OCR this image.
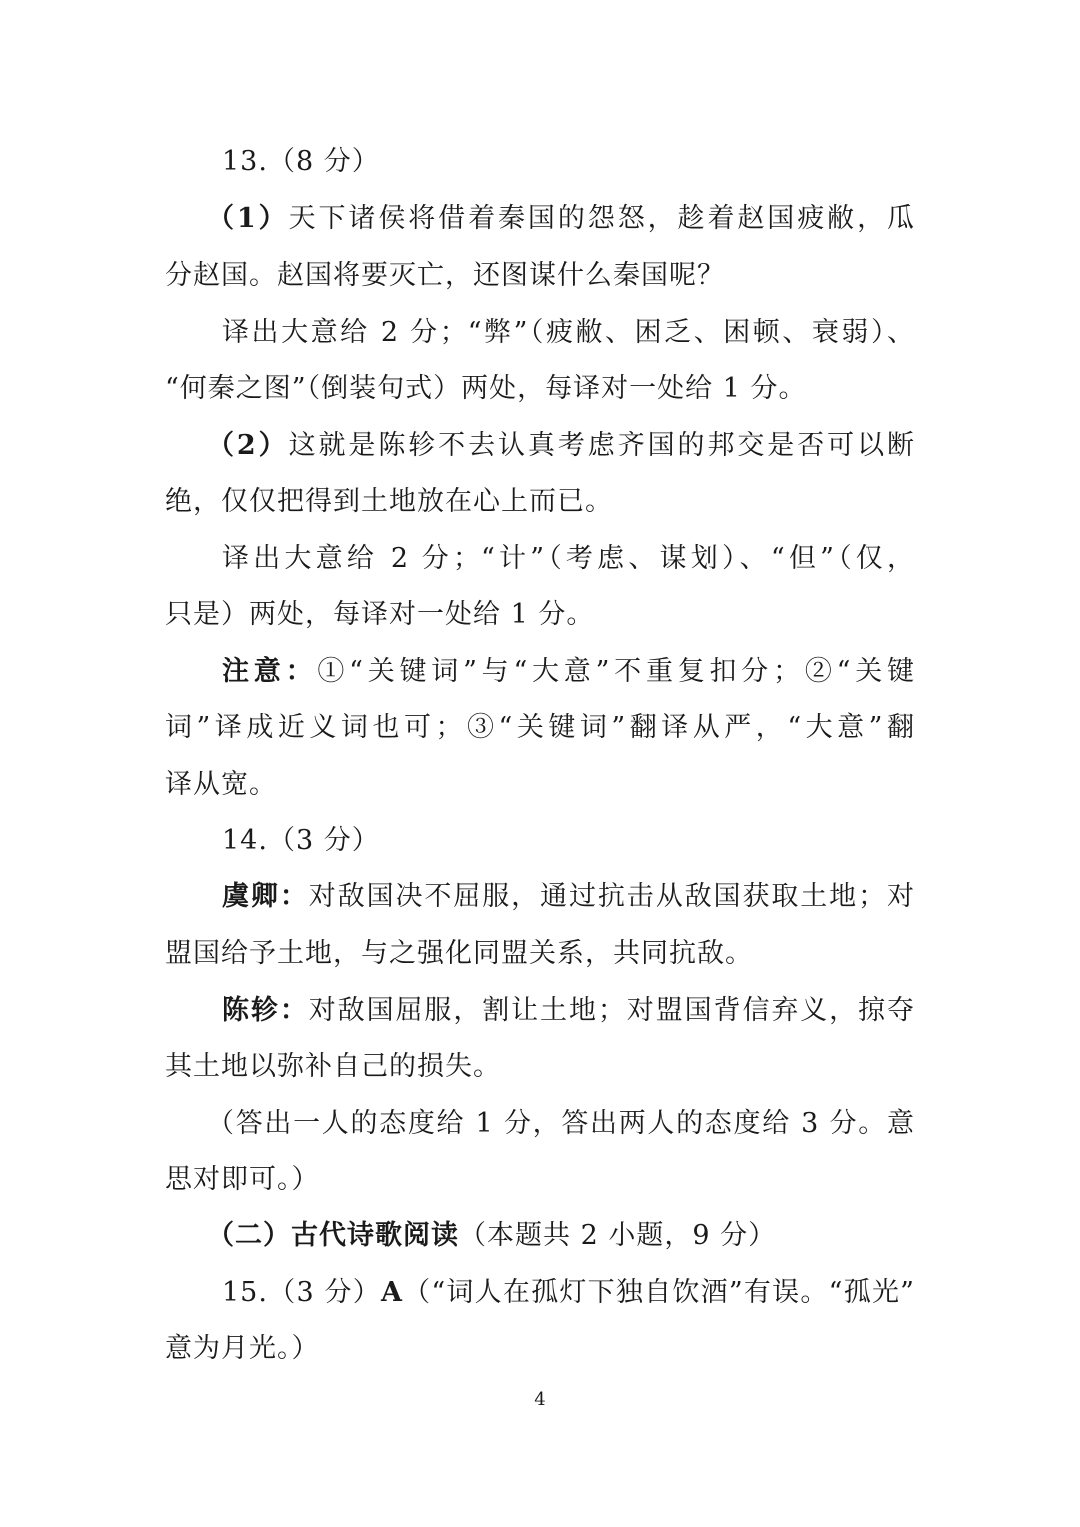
13.（8 分）
（1）天下诸侯将借着秦国的怨怒，趁着赵国疲敝，瓜
分赵国。赵国将要灭亡，还图谋什么秦国呢？
译出大意给 2 分；“弊”（疲敝、困乏、困顿、衰弱）、
“何秦之图”（倒装句式）两处，每译对一处给 1 分。
（2）这就是陈轸不去认真考虑齐国的邦交是否可以断
绝，仅仅把得到土地放在心上而已。
译出大意给 2 分；“计”（考虑、谋划）、“但”（仅，
只是）两处，每译对一处给 1 分。
注意：①“关键词”与“大意”不重复扣分；②“关键
词”译成近义词也可；③“关键词”翻译从严，“大意”翻
译从宽。
14.（3 分）
虞卿：对敌国决不屈服，通过抗击从敌国获取土地；对
盟国给予土地，与之强化同盟关系，共同抗敌。
陈轸：对敌国屈服，割让土地；对盟国背信弃义，掠夺
其土地以弥补自己的损失。
（答出一人的态度给 1 分，答出两人的态度给 3 分。意
思对即可。）
（二）古代诗歌阅读（本题共 2 小题，9 分）
15.（3 分）A（“词人在孤灯下独自饮酒”有误。“孤光”
意为月光。）
4
